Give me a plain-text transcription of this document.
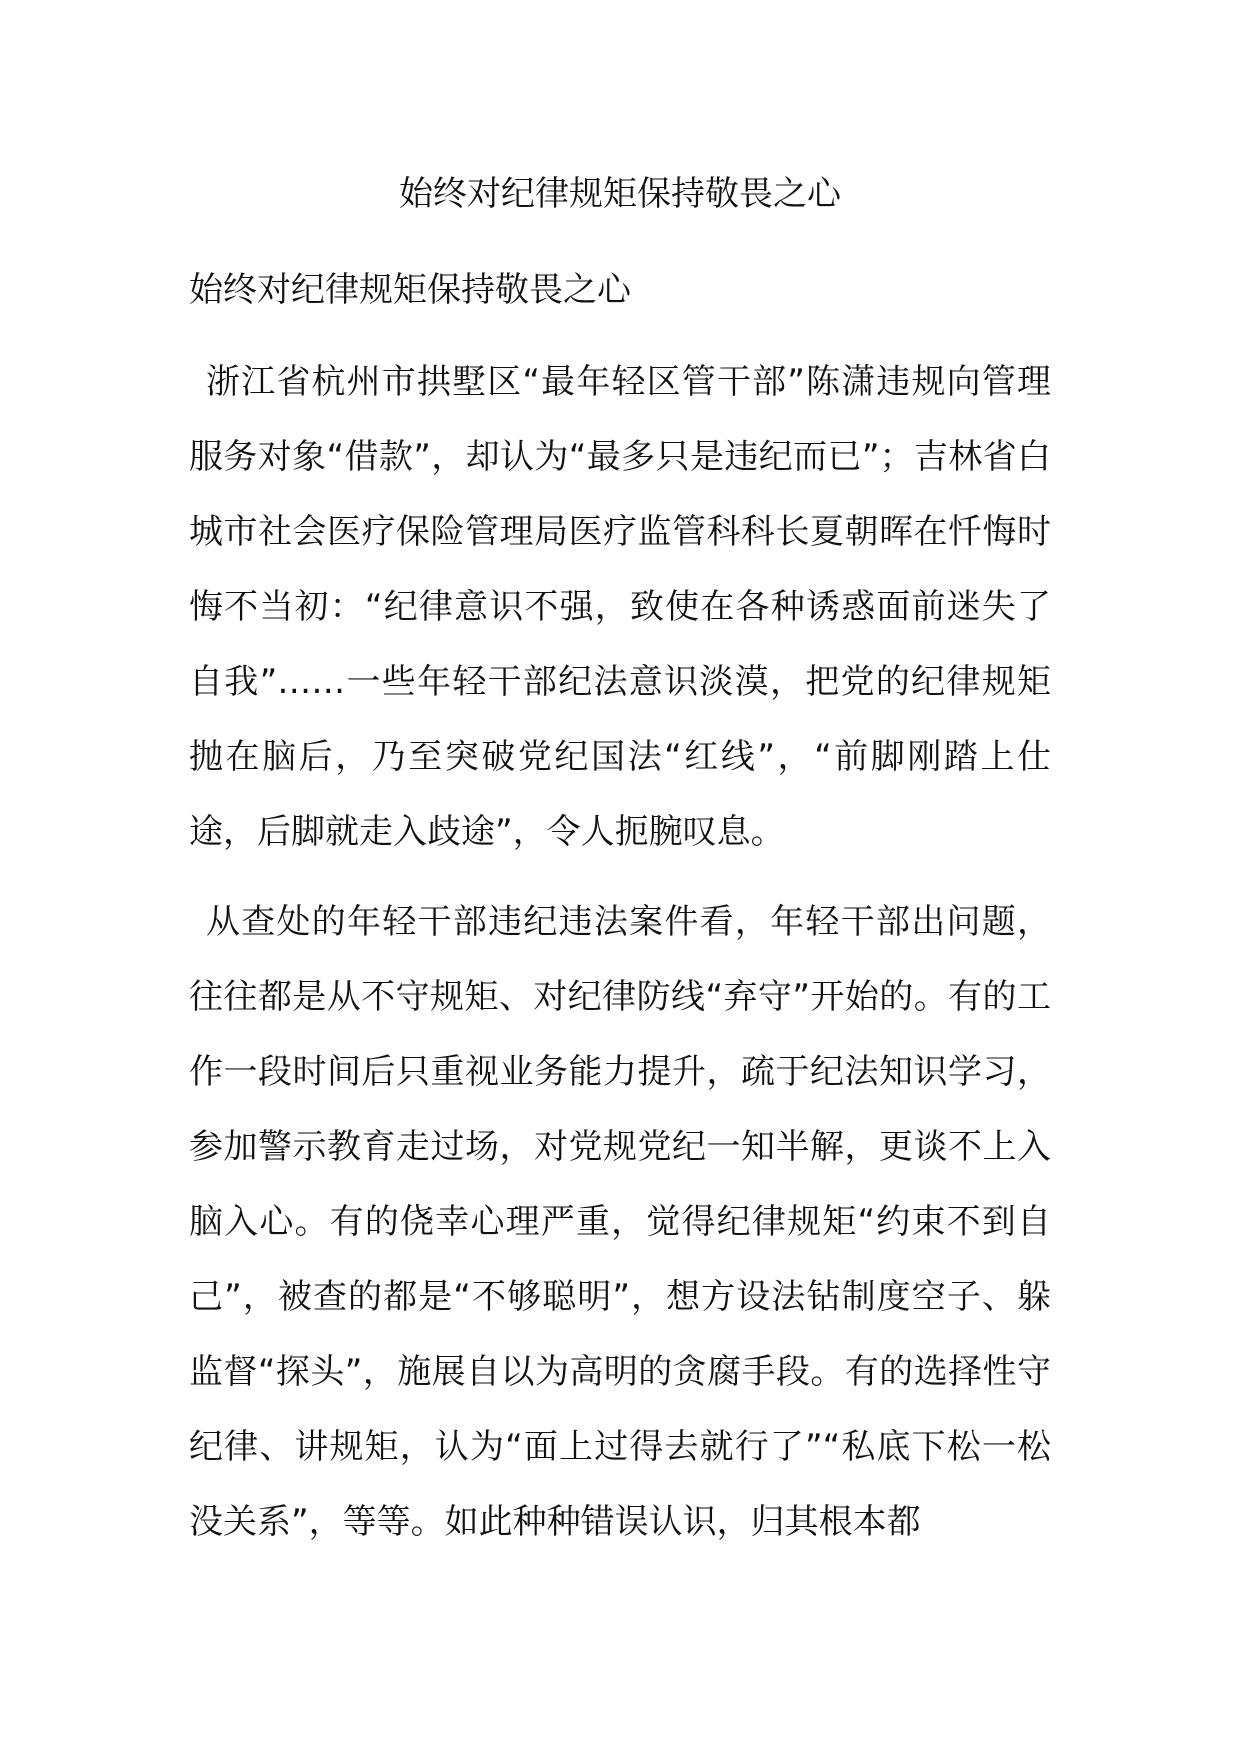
始终对纪律规矩保持敬畏之心

始终对纪律规矩保持敬畏之心

浙江省杭州市拱墅区“最年轻区管干部”陈潇违规向管理服务对象“借款”，却认为“最多只是违纪而已”；吉林省白城市社会医疗保险管理局医疗监管科科长夏朝晖在忏悔时悔不当初：“纪律意识不强，致使在各种诱惑面前迷失了自我”……一些年轻干部纪法意识淡漠，把党的纪律规矩抛在脑后，乃至突破党纪国法“红线”，“前脚刚踏上仕途，后脚就走入歧途”，令人扼腕叹息。

从查处的年轻干部违纪违法案件看，年轻干部出问题，往往都是从不守规矩、对纪律防线“弃守”开始的。有的工作一段时间后只重视业务能力提升，疏于纪法知识学习，参加警示教育走过场，对党规党纪一知半解，更谈不上入脑入心。有的侥幸心理严重，觉得纪律规矩“约束不到自己”，被查的都是“不够聪明”，想方设法钻制度空子、躲监督“探头”，施展自以为高明的贪腐手段。有的选择性守纪律、讲规矩，认为“面上过得去就行了”“私底下松一松没关系”，等等。如此种种错误认识，归其根本都
